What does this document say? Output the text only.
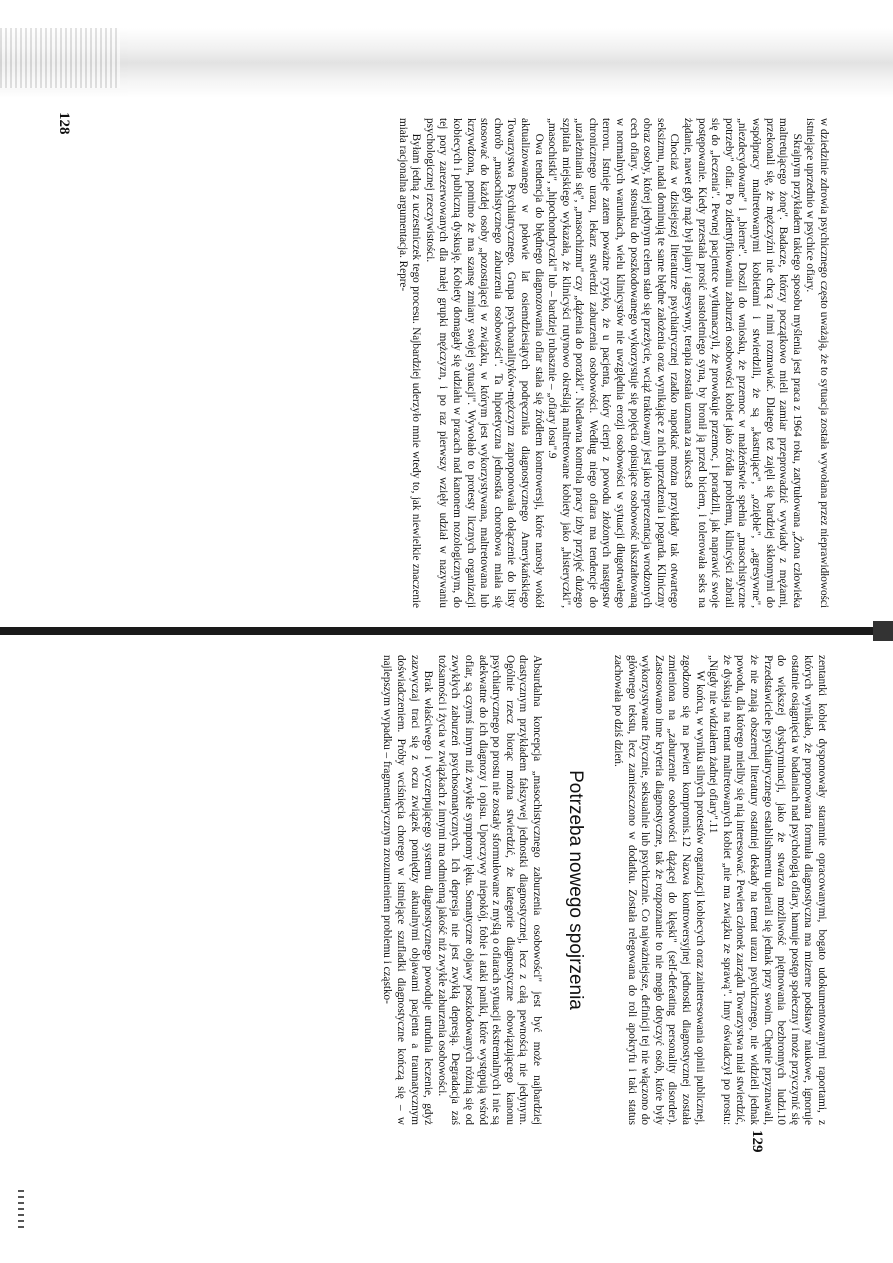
w dziedzinie zdrowia psychicznego często uważają, że to sytuacja została wywołana przez nieprawidłowości istniejące uprzednio w psychice ofiary.

Skrajnym przykładem takiego sposobu myślenia jest praca z 1964 roku, zatytułowana „Żona człowieka maltretującego żonę". Badacze, którzy początkowo mieli zamiar przeprowadzić wywiady z mężami, przekonali się, że mężczyźni nie chcą z nimi rozmawiać. Dlatego też zajęli się bardziej skłonnymi do współpracy maltretowanymi kobietami i stwierdzili, że są „kastrujące", „oziębłe", „agresywne", „niezdecydowane" i „bierne". Doszli do wniosku, że przemoc w małżeństwie spełnia „masochistyczne potrzeby" ofiar. Po zidentyfikowaniu zaburzeń osobowości kobiet jako źródła problemu, klinicyści zabrali się do „leczenia". Pewnej pacjentce wytłumaczyli, że prowokuje przemoc, i poradzili, jak naprawić swoje postępowanie. Kiedy przestała prosić nastoletniego syna, by bronił ją przed biciem, i tolerowała seks na żądanie, nawet gdy mąż był pijany i agresywny, terapia została uznana za sukces.8

Chociaż w dzisiejszej literaturze psychiatrycznej rzadko napotkać można przykłady tak otwartego seksizmu, nadal dominują te same błędne założenia oraz wynikające z nich uprzedzenia i pogarda. Kliniczny obraz osoby, której jedynym celem stało się przeżycie, wciąż traktowany jest jako reprezentacja wrodzonych cech ofiary. W stosunku do poszkodowanego wykorzystuje się pojęcia opisujące osobowość ukształtowaną w normalnych warunkach, wielu klinicystów nie uwzględnia erozji osobowości w sytuacji długotrwałego terroru. Istnieje zatem poważne ryzyko, że u pacjenta, który cierpi z powodu złożonych następstw chronicznego urazu, lekarz stwierdzi zaburzenia osobowości. Według niego ofiara ma tendencje do „uzależniania się", „masochizmu" czy „dążenia do porażki". Niedawna kontrola pracy izby przyjęć dużego szpitala miejskiego wykazała, że klinicyści rutynowo określają maltretowane kobiety jako „histeryczki", „masochistki", „hipochondryczki" lub – bardziej rubasznie – „ofiary losu".9

Owa tendencja do błędnego diagnozowania ofiar stała się źródłem kontrowersji, które narosły wokół aktualizowanego w połowie lat osiemdziesiątych podręcznika diagnostycznego Amerykańskiego Towarzystwa Psychiatrycznego. Grupa psychoanalityków-mężczyzn zaproponowała dołączenie do listy chorób „masochistycznego zaburzenia osobowości". Ta hipotetyczna jednostka chorobowa miała się stosować do każdej osoby „pozostającej w związku, w którym jest wykorzystywana, maltretowana lub krzywdzona, pomimo że ma szansę zmiany swojej sytuacji". Wywołało to protesty licznych organizacji kobiecych i publiczną dyskusję. Kobiety domagały się udziału w pracach nad kanonem nozologicznym, do tej pory zarezerwowanych dla małej grupki mężczyzn, i po raz pierwszy wzięły udział w nazywaniu psychologicznej rzeczywistości.

Byłam jedną z uczestniczek tego procesu. Najbardziej uderzyło mnie wtedy to, jak niewielkie znaczenie miała racjonalna argumentacja. Repre-

128

zentantki kobiet dysponowały starannie opracowanymi, bogato udokumentowanymi raportami, z których wynikało, że proponowana formuła diagnostyczna ma mizerne podstawy naukowe, ignoruje ostatnie osiągnięcia w badaniach nad psychologią ofiary, hamuje postęp społeczny i może przyczynić się do większej dyskryminacji, jako że stwarza możliwość piętnowania bezbronnych ludzi.10 Przedstawiciele psychiatrycznego establishmentu upierali się jednak przy swoim. Chętnie przyznawali, że nie znają obszernej literatury ostatniej dekady na temat urazu psychicznego, nie widzieli jednak powodu, dla którego mieliby się nią interesować. Pewien członek zarządu Towarzystwa miał stwierdzić, że dyskusja na temat maltretowanych kobiet „nie ma związku ze sprawą". Inny oświadczył po prostu: „Nigdy nie widziałem żadnej ofiary".11

W końcu, w wyniku silnych protestów organizacji kobiecych oraz zainteresowania opinii publicznej, zgodzono się na pewien kompromis.12 Nazwa kontrowersyjnej jednostki diagnostycznej została zmieniona na „zaburzenie osobowości dążącej do klęski" (self-defeating personality disorder). Zastosowano inne kryteria diagnostyczne, tak że rozpoznanie to nie mogło dotyczyć osób, które były wykorzystywane fizycznie, seksualnie lub psychicznie. Co najważniejsze, definicji tej nie włączono do głównego tekstu, lecz zamieszczono w dodatku. Została relegowana do roli apokryfu i taki status zachowała po dziś dzień.

Potrzeba nowego spojrzenia

Absurdalna koncepcja „masochistycznego zaburzenia osobowości" jest być może najbardziej drastycznym przykładem fałszywej jednostki diagnostycznej, lecz z całą pewnością nie jedynym. Ogólnie rzecz biorąc można stwierdzić, że kategorie diagnostyczne obowiązującego kanonu psychiatrycznego po prostu nie zostały sformułowane z myślą o ofiarach sytuacji ekstremalnych i nie są adekwatne do ich diagnozy i opisu. Uporczywy niepokój, fobie i ataki paniki, które występują wśród ofiar, są czymś innym niż zwykłe symptomy lęku. Somatyczne objawy poszkodowanych różnią się od zwykłych zaburzeń psychosomatycznych. Ich depresja nie jest zwykłą depresją. Degradacja zaś tożsamości i życia w związkach z innymi ma odmienną jakość niż zwykłe zaburzenia osobowości.

Brak właściwego i wyczerpującego systemu diagnostycznego powoduje utrudnia leczenie, gdyż zazwyczaj traci się z oczu związek pomiędzy aktualnymi objawami pacjenta a traumatycznym doświadczeniem. Próby wciśnięcia chorego w istniejące szufladki diagnostyczne kończą się – w najlepszym wypadku – fragmentarycznym zrozumieniem problemu i cząstko-

129
